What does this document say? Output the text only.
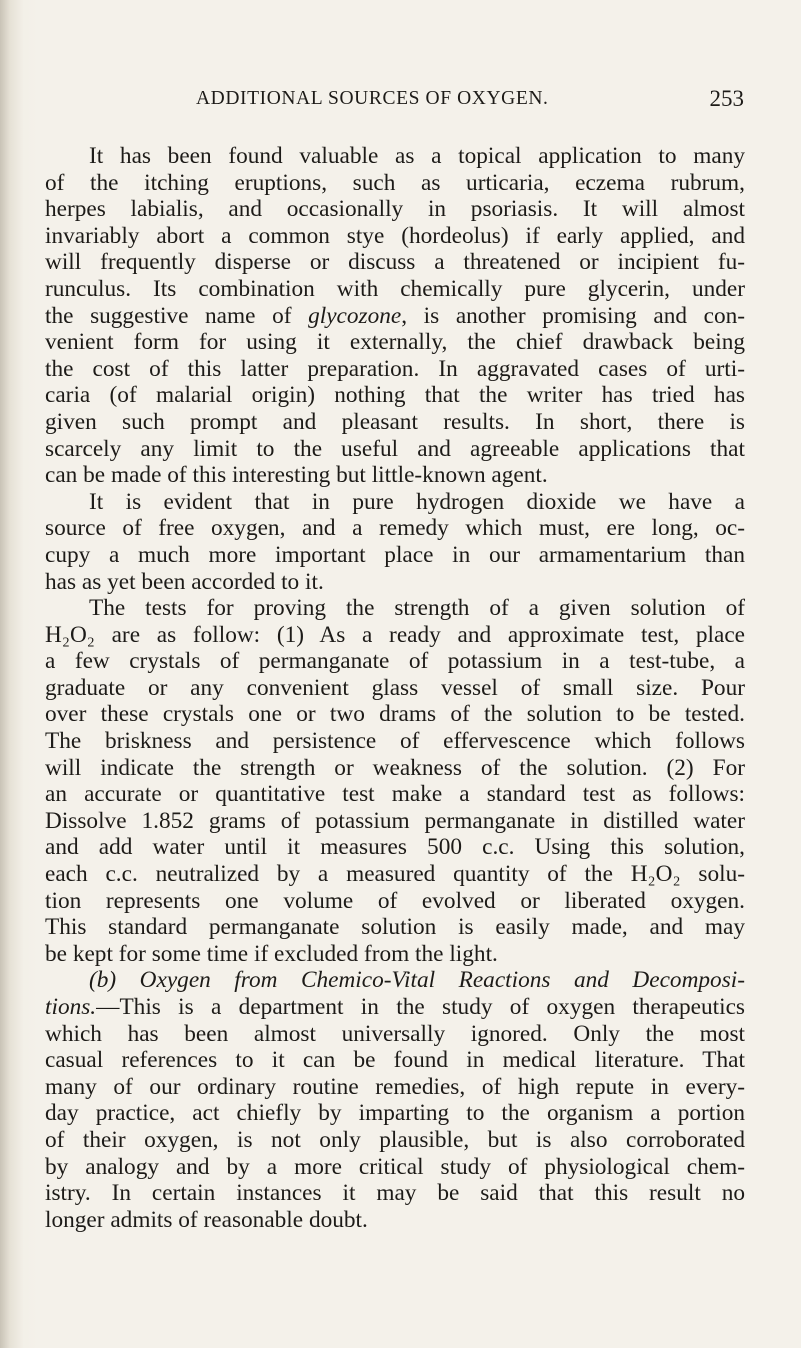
ADDITIONAL SOURCES OF OXYGEN.	253
It has been found valuable as a topical application to many
of the itching eruptions, such as urticaria, eczema rubrum,
herpes labialis, and occasionally in psoriasis. It will almost
invariably abort a common stye (hordeolus) if early applied, and
will frequently disperse or discuss a threatened or incipient fu-
runculus. Its combination with chemically pure glycerin, under
the suggestive name of glycozone, is another promising and con-
venient form for using it externally, the chief drawback being
the cost of this latter preparation. In aggravated cases of urti-
caria (of malarial origin) nothing that the writer has tried has
given such prompt and pleasant results. In short, there is
scarcely any limit to the useful and agreeable applications that
can be made of this interesting but little-known agent.
It is evident that in pure hydrogen dioxide we have a
source of free oxygen, and a remedy which must, ere long, oc-
cupy a much more important place in our armamentarium than
has as yet been accorded to it.
The tests for proving the strength of a given solution of
H₂O₂ are as follow: (1) As a ready and approximate test, place
a few crystals of permanganate of potassium in a test-tube, a
graduate or any convenient glass vessel of small size. Pour
over these crystals one or two drams of the solution to be tested.
The briskness and persistence of effervescence which follows
will indicate the strength or weakness of the solution. (2) For
an accurate or quantitative test make a standard test as follows:
Dissolve 1.852 grams of potassium permanganate in distilled water
and add water until it measures 500 c.c. Using this solution,
each c.c. neutralized by a measured quantity of the H₂O₂ solu-
tion represents one volume of evolved or liberated oxygen.
This standard permanganate solution is easily made, and may
be kept for some time if excluded from the light.
(b) Oxygen from Chemico-Vital Reactions and Decomposi-
tions.—This is a department in the study of oxygen therapeutics
which has been almost universally ignored. Only the most
casual references to it can be found in medical literature. That
many of our ordinary routine remedies, of high repute in every-
day practice, act chiefly by imparting to the organism a portion
of their oxygen, is not only plausible, but is also corroborated
by analogy and by a more critical study of physiological chem-
istry. In certain instances it may be said that this result no
longer admits of reasonable doubt.
